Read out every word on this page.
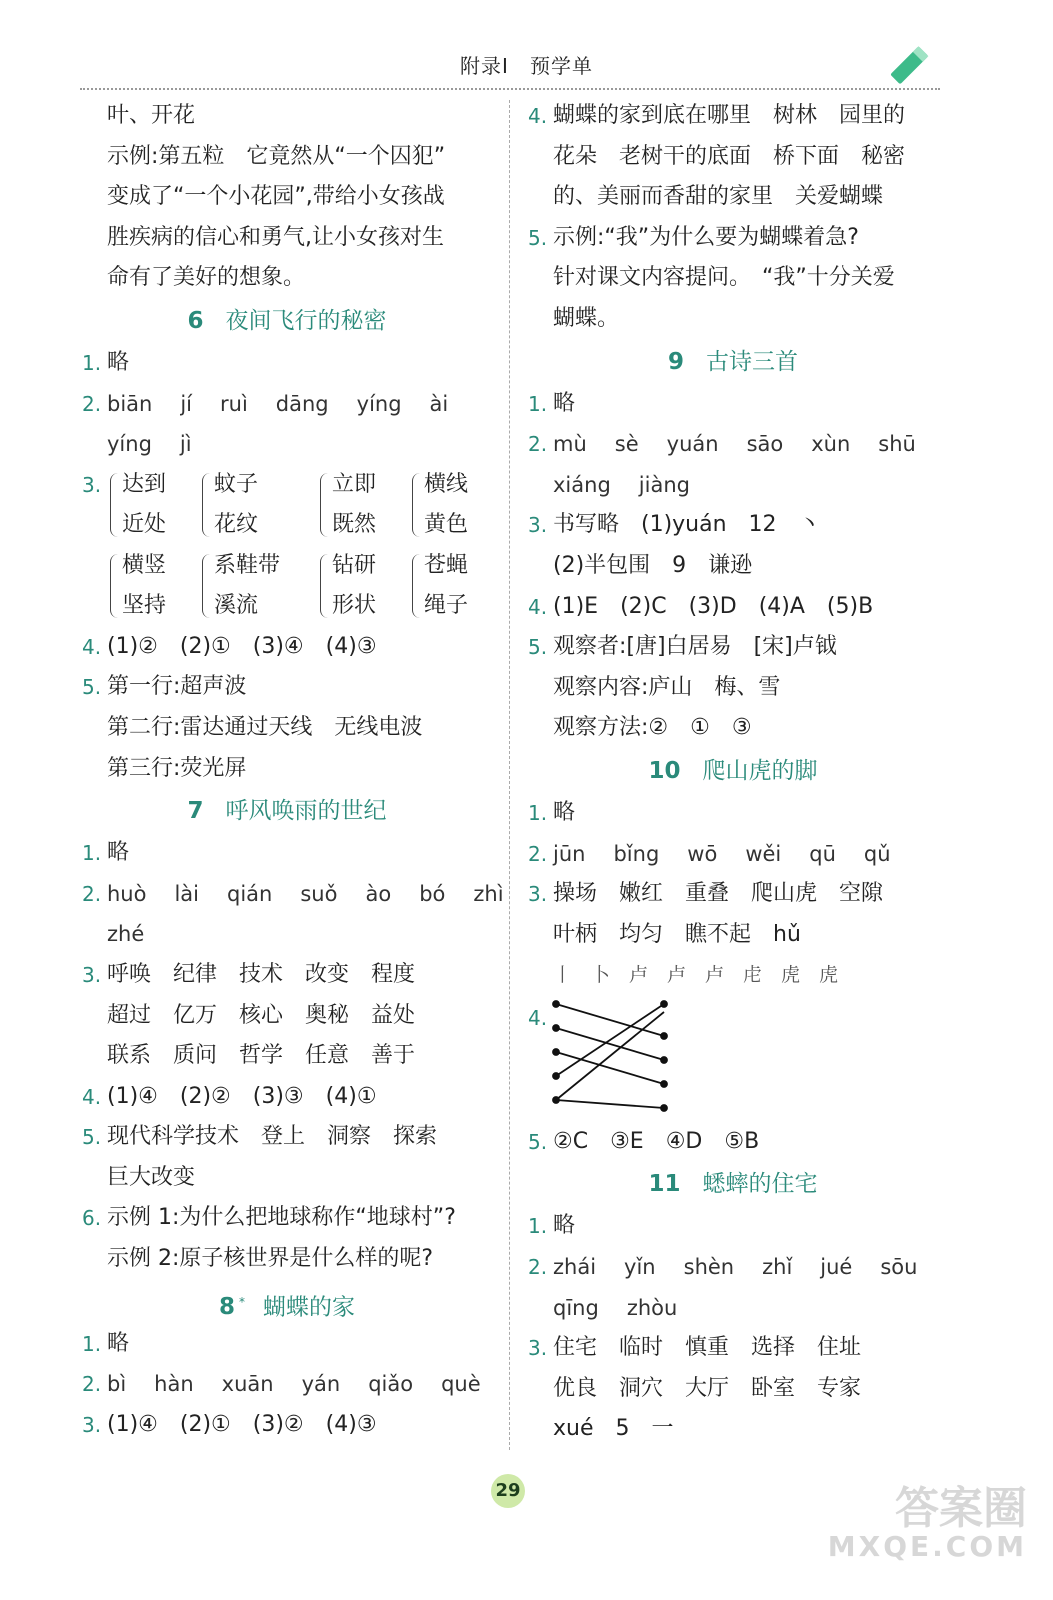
附录Ⅰ　预学单
叶、开花
示例:第五粒　它竟然从“一个囚犯”
变成了“一个小花园”,带给小女孩战
胜疾病的信心和勇气,让小女孩对生
命有了美好的想象。
6 夜间飞行的秘密
1. 略
2. biān jí ruì dāng yíng ài
yíng jì
3. 达到
近处
蚊子
花纹
立即
既然
横线
黄色
横竖
坚持
系鞋带
溪流
钻研
形状
苍蝇
绳子
4. (1)②　(2)①　(3)④　(4)③
5. 第一行:超声波
第二行:雷达通过天线　无线电波
第三行:荧光屏
7 呼风唤雨的世纪
1. 略
2. huò lài qián suǒ ào bó zhì
zhé
3. 呼唤　纪律　技术　改变　程度
超过　亿万　核心　奥秘　益处
联系　质问　哲学　任意　善于
4. (1)④　(2)②　(3)③　(4)①
5. 现代科学技术　登上　洞察　探索
巨大改变
6. 示例 1:为什么把地球称作“地球村”?
示例 2:原子核世界是什么样的呢?
8 * 蝴蝶的家
1. 略
2. bì hàn xuān yán qiǎo què
3. (1)④　(2)①　(3)②　(4)③
4. 蝴蝶的家到底在哪里　树林　园里的
花朵　老树干的底面　桥下面　秘密
的、美丽而香甜的家里　关爱蝴蝶
5. 示例:“我”为什么要为蝴蝶着急?
针对课文内容提问。　“我”十分关爱
蝴蝶。
9 古诗三首
1. 略
2. mù sè yuán sāo xùn shū
xiáng jiàng
3. 书写略　(1)yuán　12　丶
(2)半包围　9　谦逊
4. (1)E　(2)C　(3)D　(4)A　(5)B
5. 观察者:[唐]白居易　[宋]卢钺
观察内容:庐山　梅、雪
观察方法:②　①　③
10 爬山虎的脚
1. 略
2. jūn bǐng wō wěi qū qǔ
3. 操场　嫩红　重叠　爬山虎　空隙
叶柄　均匀　瞧不起　hǔ
丨　卜　卢　卢　卢　虍　虎　虎
4.
5. ②C　③E　④D　⑤B
11 蟋蟀的住宅
1. 略
2. zhái yǐn shèn zhǐ jué sōu
qīng zhòu
3. 住宅　临时　慎重　选择　住址
优良　洞穴　大厅　卧室　专家
xué　5　一
29	答案圈
MXQE.COM
